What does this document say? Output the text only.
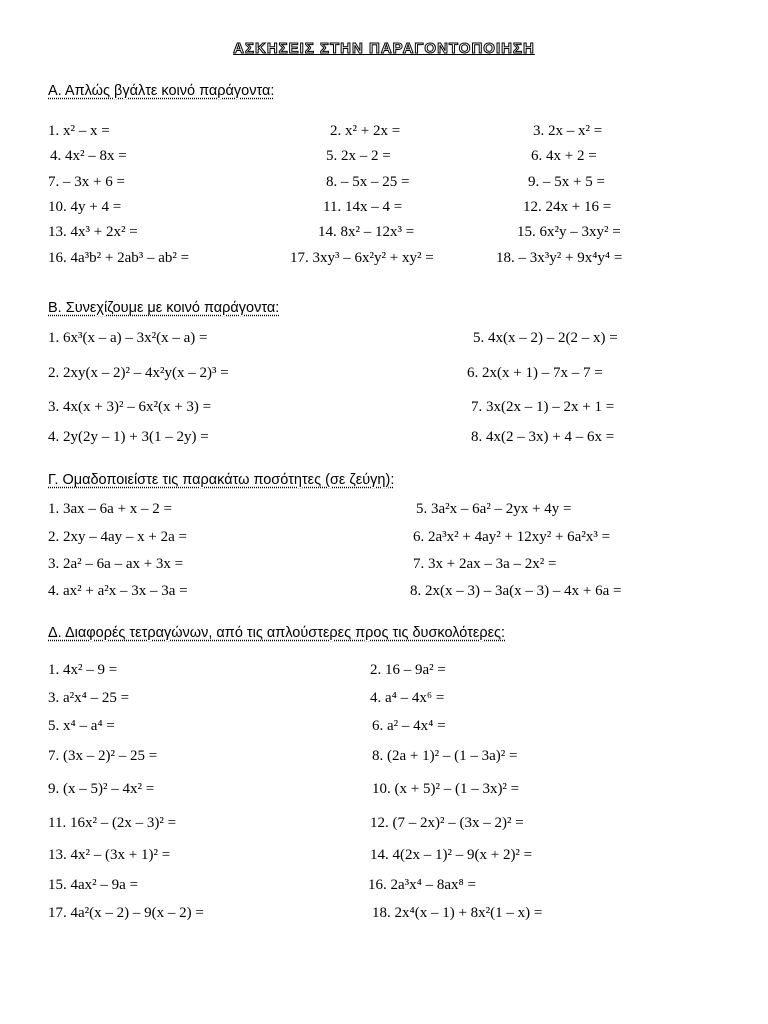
ΑΣΚΗΣΕΙΣ ΣΤΗΝ ΠΑΡΑΓΟΝΤΟΠΟΙΗΣΗ
Α. Απλώς βγάλτε κοινό παράγοντα:
1. x² – x =	2. x² + 2x =	3. 2x – x² =
4. 4x² – 8x =	5. 2x – 2 =	6. 4x + 2 =
7. – 3x + 6 =	8. – 5x – 25 =	9. – 5x + 5 =
10. 4y + 4 =	11. 14x – 4 =	12. 24x + 16 =
13. 4x³ + 2x² =	14. 8x² – 12x³ =	15. 6x²y – 3xy² =
16. 4a³b² + 2ab³ – ab² =	17. 3xy³ – 6x²y² + xy² =	18. – 3x³y² + 9x⁴y⁴ =
Β. Συνεχίζουμε με κοινό παράγοντα:
1. 6x³(x – a) – 3x²(x – a) =	5. 4x(x – 2) – 2(2 – x) =
2. 2xy(x – 2)² – 4x²y(x – 2)³ =	6. 2x(x + 1) – 7x – 7 =
3. 4x(x + 3)² – 6x²(x + 3) =	7. 3x(2x – 1) – 2x + 1 =
4. 2y(2y – 1) + 3(1 – 2y) =	8. 4x(2 – 3x) + 4 – 6x =
Γ. Ομαδοποιείστε τις παρακάτω ποσότητες (σε ζεύγη):
1. 3ax – 6a + x – 2 =	5. 3a²x – 6a² – 2yx + 4y =
2. 2xy – 4ay – x + 2a =	6. 2a³x² + 4ay² + 12xy² + 6a²x³ =
3. 2a² – 6a – ax + 3x =	7. 3x + 2ax – 3a – 2x² =
4. ax² + a²x – 3x – 3a =	8. 2x(x – 3) – 3a(x – 3) – 4x + 6a =
Δ. Διαφορές τετραγώνων, από τις απλούστερες προς τις δυσκολότερες:
1. 4x² – 9 =	2. 16 – 9a² =
3. a²x⁴ – 25 =	4. a⁴ – 4x⁶ =
5. x⁴ – a⁴ =	6. a² – 4x⁴ =
7. (3x – 2)² – 25 =	8. (2a + 1)² – (1 – 3a)² =
9. (x – 5)² – 4x² =	10. (x + 5)² – (1 – 3x)² =
11. 16x² – (2x – 3)² =	12. (7 – 2x)² – (3x – 2)² =
13. 4x² – (3x + 1)² =	14. 4(2x – 1)² – 9(x + 2)² =
15. 4ax² – 9a =	16. 2a³x⁴ – 8ax⁸ =
17. 4a²(x – 2) – 9(x – 2) =	18. 2x⁴(x – 1) + 8x²(1 – x) =
